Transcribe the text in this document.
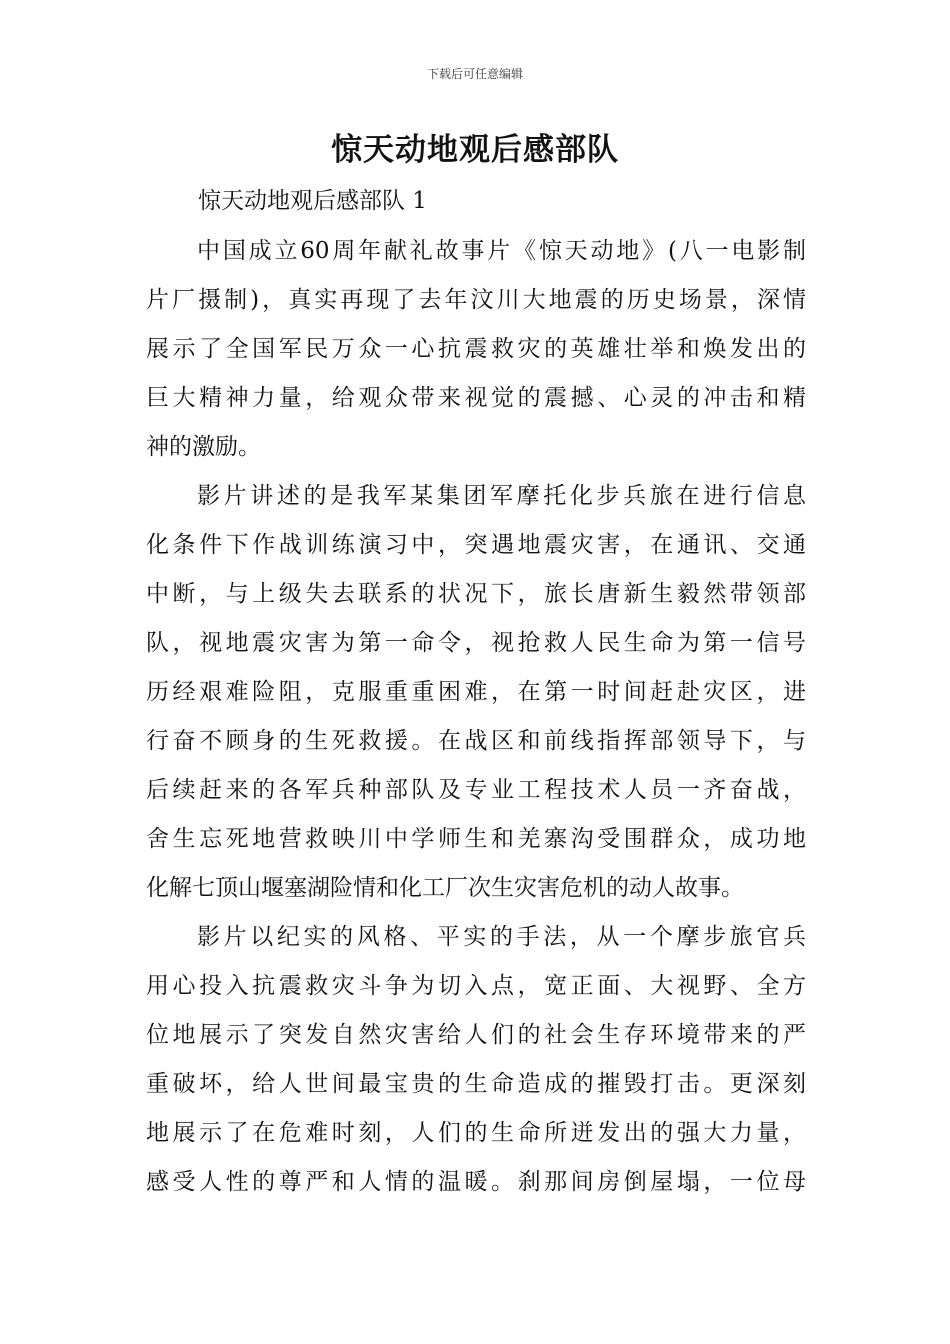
下载后可任意编辑
惊天动地观后感部队
惊天动地观后感部队 1
中国成立60周年献礼故事片《惊天动地》(八一电影制
片厂摄制)，真实再现了去年汶川大地震的历史场景，深情
展示了全国军民万众一心抗震救灾的英雄壮举和焕发出的
巨大精神力量，给观众带来视觉的震撼、心灵的冲击和精
神的激励。
影片讲述的是我军某集团军摩托化步兵旅在进行信息
化条件下作战训练演习中，突遇地震灾害，在通讯、交通
中断，与上级失去联系的状况下，旅长唐新生毅然带领部
队，视地震灾害为第一命令，视抢救人民生命为第一信号
历经艰难险阻，克服重重困难，在第一时间赶赴灾区，进
行奋不顾身的生死救援。在战区和前线指挥部领导下，与
后续赶来的各军兵种部队及专业工程技术人员一齐奋战，
舍生忘死地营救映川中学师生和羌寨沟受围群众，成功地
化解七顶山堰塞湖险情和化工厂次生灾害危机的动人故事。
影片以纪实的风格、平实的手法，从一个摩步旅官兵
用心投入抗震救灾斗争为切入点，宽正面、大视野、全方
位地展示了突发自然灾害给人们的社会生存环境带来的严
重破坏，给人世间最宝贵的生命造成的摧毁打击。更深刻
地展示了在危难时刻，人们的生命所迸发出的强大力量，
感受人性的尊严和人情的温暖。刹那间房倒屋塌，一位母
